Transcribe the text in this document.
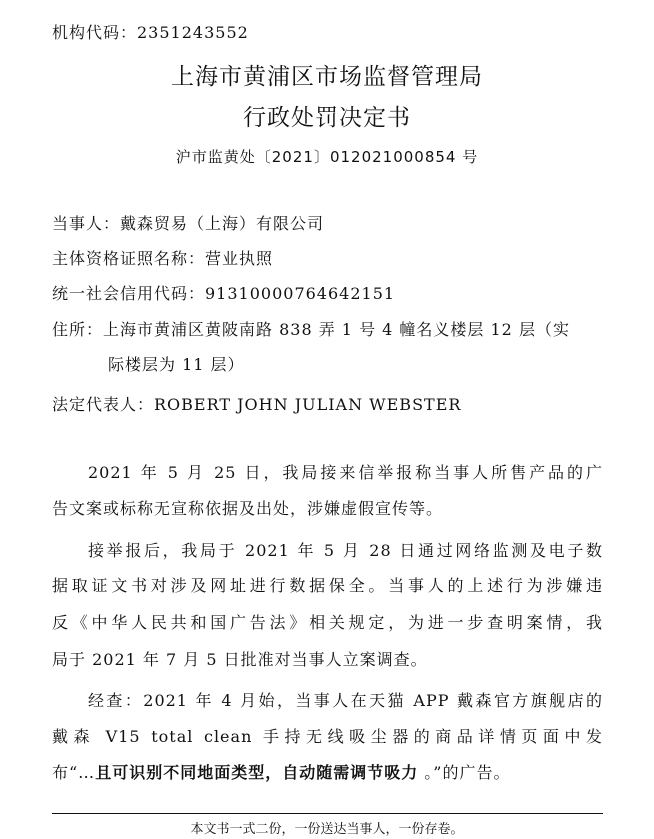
机构代码：2351243552
上海市黄浦区市场监督管理局
行政处罚决定书
沪市监黄处〔2021〕012021000854 号
当事人：戴森贸易（上海）有限公司
主体资格证照名称：营业执照
统一社会信用代码：91310000764642151
住所：上海市黄浦区黄陂南路 838 弄 1 号 4 幢名义楼层 12 层（实
际楼层为 11 层）
法定代表人：ROBERT JOHN JULIAN WEBSTER
2021 年 5 月 25 日，我局接来信举报称当事人所售产品的广
告文案或标称无宣称依据及出处，涉嫌虚假宣传等。
接举报后，我局于 2021 年 5 月 28 日通过网络监测及电子数
据取证文书对涉及网址进行数据保全。当事人的上述行为涉嫌违
反《中华人民共和国广告法》相关规定，为进一步查明案情，我
局于 2021 年 7 月 5 日批准对当事人立案调查。
经查：2021 年 4 月始，当事人在天猫 APP 戴森官方旗舰店的
戴森 V15 total clean 手持无线吸尘器的商品详情页面中发
布“…且可识别不同地面类型，自动随需调节吸力 。”的广告。
本文书一式二份，一份送达当事人，一份存卷。
